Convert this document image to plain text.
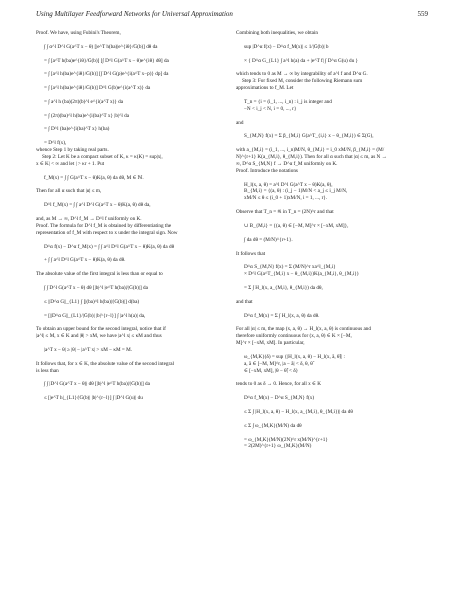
Using Multilayer Feedforward Networks for Universal Approximation	559
Proof. We have, using Fubini's Theorem,
∫ ∫ α^l D^l G(a^T x − θ) [|e^T ĥ(ba)|e^{iθ}/Ĝ(b)] dθ da
= ∫ [a^T ĥ(ba)e^{iθ}/Ĝ(b)] [∫ D^l G(a^T x − θ)e^{iθ} dθ] da
= ∫ [a^l ĥ(ba)e^{iθ}/Ĝ(b)] [∫ D^l G(p)e^{i(a^T x−p)} dp] da
= ∫ [a^l ĥ(ba)e^{iθ}/Ĝ(b)] D^l G(b)e^{i(a^T x)} da
= ∫ a^l ĥ (ba)(2π)(b)^l e^{i(a^T x)} da
= ∫ (2π)(ba)^l ĥ(ba)e^{i(ba)^T x} |b|^l da
= ∫ D^l (ba)e^{i(ba)^T x} ĥ(ba)
= D^l f(x),
whence Step 1 by taking real parts.
Step 2: Let K be a compact subset of K, κ = κ(K) = sup|x|,
x ∈ K| < ∞ and let | > κr + 1. Put
f_M(x) = ∫ ∫ G(a^T x − θ)K(a, θ) da dθ, M ∈ ℕ.
Then for all α such that |α| ≤ m,
D^l f_M(x) = ∫ ∫ a^l D^l G(a^T x − θ)K(a, θ) dθ da,
and, as M → ∞, D^l f_M → D^l f uniformly on K.
Proof. The formula for D^l f_M is obtained by differentiating the
representation of f_M with respect to x under the integral sign. Now
D^α f(x) − D^α f_M(x) = ∫ ∫ a^l D^l G(a^T x − θ)K(a, θ) da dθ
+ ∫ ∫ a^l D^l G(a^T x − θ)K(a, θ) da dθ.
The absolute value of the first integral is less than or equal to
∫ ∫ D^l G(a^T x − θ) dθ [|b|^l |e^T ĥ(ba)|/|Ĝ(b)|] da
≤ ||D^α G||_{L1} ∫ [|(ba)^l ĥ(ba)|/|Ĝ(b)|] d(ba)
= [||D^α G||_{L1}/|Ĝ(b)| |b|^{r−l}] ∫ |a^l ĥ(a)| da,
To obtain an upper bound for the second integral, notice that if
|a^l| ≤ M, x ∈ K and |θ| > xM, we have |a^l x| ≤ κM and thus
|a^T x − θ| ≥ |θ| − |a^T x| > xM − κM = M.
It follows that, for x ∈ K, the absolute value of the second integral
is less than
∫ ∫ |D^l G(a^T x − θ)| dθ [|b|^l |e^T ĥ(ba)|/|Ĝ(b)|] da
≤ [|e^T ĥ|_{L1}/|Ĝ(b)| |b|^{r−l}] ∫ |D^l G(u)| du
Combining both inequalities, we obtain
sup |D^α f(x) − D^α f_M(x)| ≤ 1/|Ĝ(b)| b
× { D^α G_{L1} ∫ a^l ĥ(a) da + |e^T f̂| ∫ D^α G(u) du }
which tends to 0 as M → ∞ by integrability of a^l f̂ and D^α G.
Step 3: For fixed M, consider the following Riemann sum
approximations to f_M. Let
T_n = {i = (i_1, ..., i_n) : i_j is integer and
−N < i_j < N, i = 0, ..., r}
and
S_{M,N} f(x) = Σ β_{M,i} G(a^T_{i,i} x − θ_{M,i}) ∈ Σ(G),
with a_{M,i} = (i_1, ..., i_n)M/N, θ_{M,i} = i_0 xM/N, β_{M,i} = (M/
N)^{r+1} K(a_{M,i}, θ_{M,i}). Then for all α such that |α| ≤ m, as N →
∞, D^α S_{M,N} f → D^α f_M uniformly on K.
Proof. Introduce the notations
H_l(x, a, θ) = a^l D^l G(a^T x − θ)K(a, θ),
B_{M,i} = {(a, θ) : (i_j − 1)M/N < a_j ≤ i_j M/N,
xM/N ≤ θ ≤ (i_0 + 1)xM/N, i = 1, ..., r}.
Observe that T_n = #i in T_n = (2N)^r and that
∪ B_{M,i} = {(a, θ) ∈ [−M, M]^r × [−xM, xM]},
∫ da dθ = (M/N)^{r+1}.
It follows that
D^α S_{M,N} f(x) = Σ (M/N)^r xa^l_{M,i}
× D^l G(a^T_{M,i} x − θ_{M,i})K(a_{M,i}, θ_{M,i})
= Σ ∫ H_l(x, a_{M,i}, θ_{M,i}) da dθ,
and that
D^α f_M(x) = Σ ∫ H_l(x, a, θ) da dθ.
For all |α| ≤ m, the map (x, a, θ) → H_l(x, a, θ) is continuous and
therefore uniformly continuous for (x, a, θ) ∈ K × [−M,
M]^r × [−xM, xM]. In particular,
ω_{M,K}(δ) = sup {|H_l(x, a, θ) − H_l(x, ã, θ̃)| :
a, ã ∈ [−M, M]^r, |a − ã| < δ, θ, θ̃
∈ [−xM, xM], |θ − θ̃| < δ}
tends to 0 as δ → 0. Hence, for all x ∈ K
D^α f_M(x) − D^α S_{M,N} f(x)
≤ Σ ∫ |H_l(x, a, θ) − H_l(x, a_{M,i}, θ_{M,i})| da dθ
≤ Σ ∫ ω_{M,K}(M/N) da dθ
= ω_{M,K}(M/N)(2N)^r x(M/N)^{r+1}
= 2(2M)^{r+1} ω_{M,K}(M/N)
